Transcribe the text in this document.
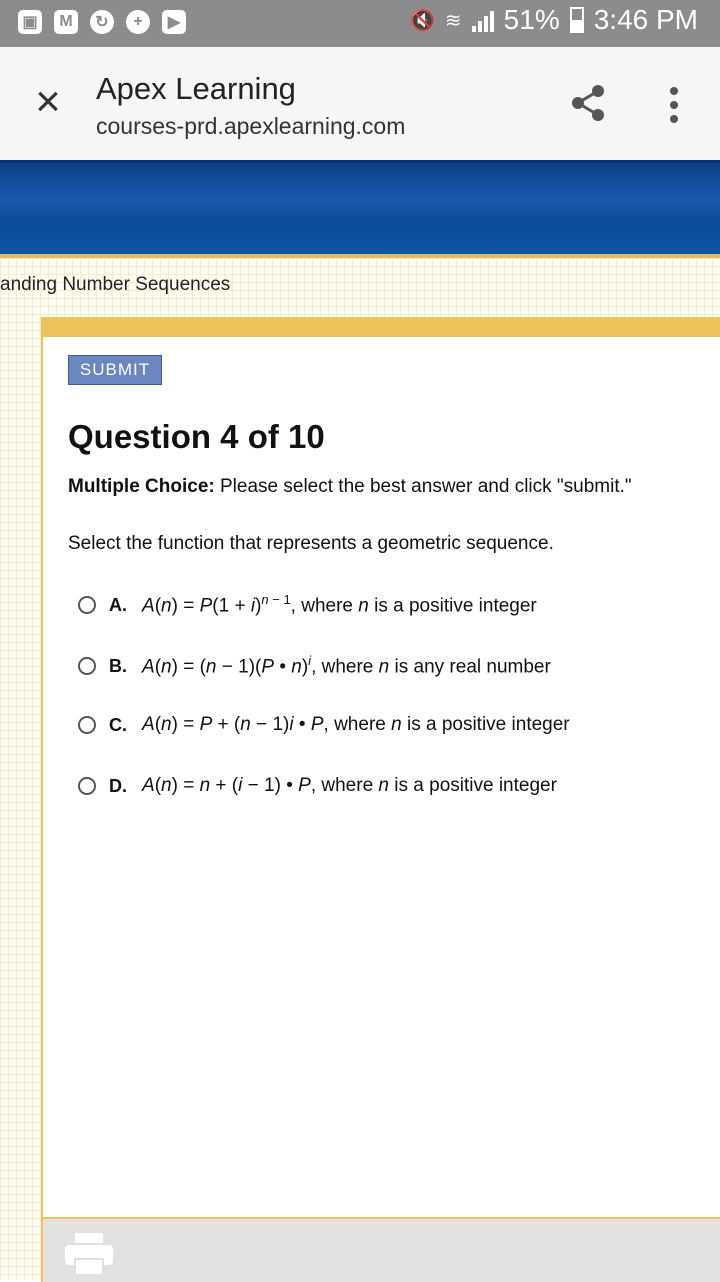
▣	M	↻	+	▶	🔇 ≋ 51% 3:46 PM
× Apex Learning
courses-prd.apexlearning.com
anding Number Sequences
SUBMIT
Question 4 of 10
Multiple Choice: Please select the best answer and click "submit."
Select the function that represents a geometric sequence.
A. $A(n) = P(1 + i)^{n - 1}$, where n is a positive integer
B. A(n) = (n − 1)(P • n)$^i$, where n is any real number
C. A(n) = P + (n − 1)i • P, where n is a positive integer
D. A(n) = n + (i − 1) • P, where n is a positive integer
